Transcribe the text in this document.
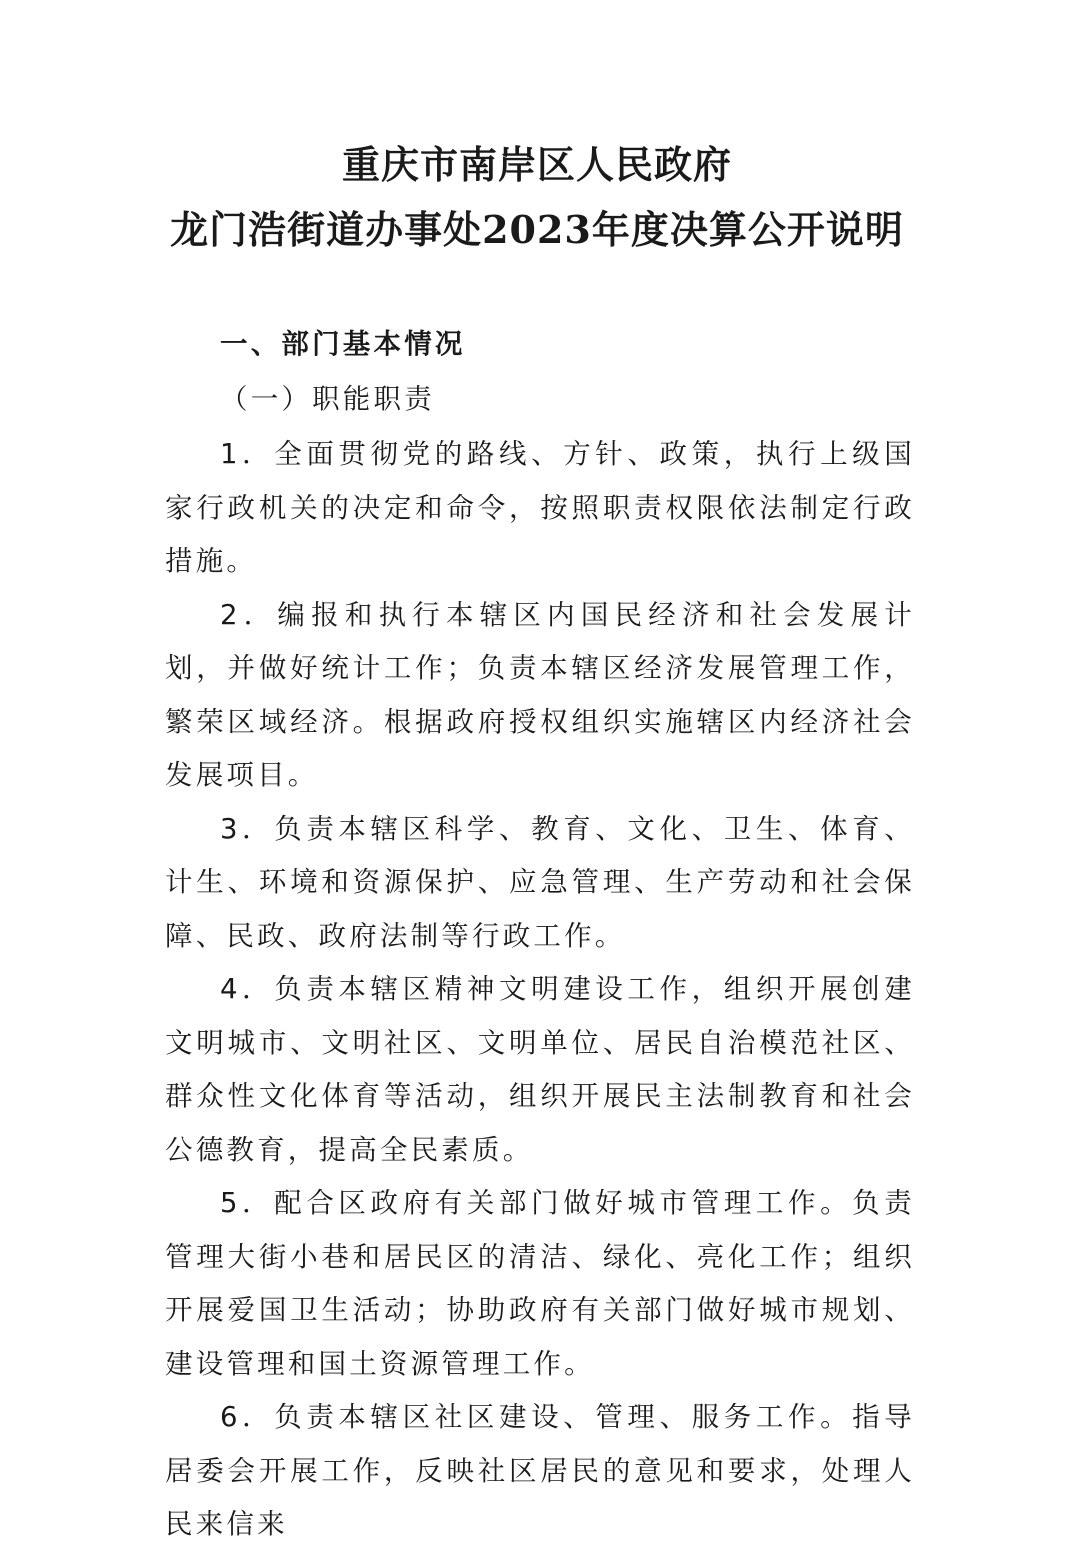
重庆市南岸区人民政府
龙门浩街道办事处2023年度决算公开说明

一、部门基本情况

（一）职能职责

1．全面贯彻党的路线、方针、政策，执行上级国家行政机关的决定和命令，按照职责权限依法制定行政措施。

2．编报和执行本辖区内国民经济和社会发展计划，并做好统计工作；负责本辖区经济发展管理工作，繁荣区域经济。根据政府授权组织实施辖区内经济社会发展项目。

3．负责本辖区科学、教育、文化、卫生、体育、计生、环境和资源保护、应急管理、生产劳动和社会保障、民政、政府法制等行政工作。

4．负责本辖区精神文明建设工作，组织开展创建文明城市、文明社区、文明单位、居民自治模范社区、群众性文化体育等活动，组织开展民主法制教育和社会公德教育，提高全民素质。

5．配合区政府有关部门做好城市管理工作。负责管理大街小巷和居民区的清洁、绿化、亮化工作；组织开展爱国卫生活动；协助政府有关部门做好城市规划、建设管理和国土资源管理工作。

6．负责本辖区社区建设、管理、服务工作。指导居委会开展工作，反映社区居民的意见和要求，处理人民来信来
